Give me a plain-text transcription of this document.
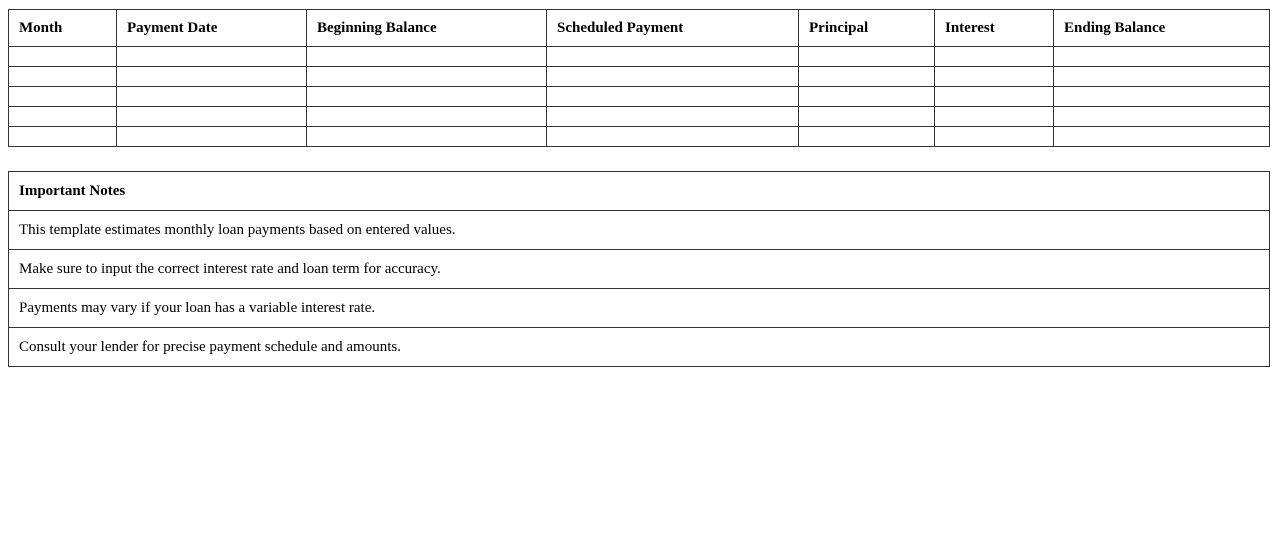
Month	Payment Date	Beginning Balance	Scheduled Payment	Principal	Interest	Ending Balance

Important Notes
This template estimates monthly loan payments based on entered values.
Make sure to input the correct interest rate and loan term for accuracy.
Payments may vary if your loan has a variable interest rate.
Consult your lender for precise payment schedule and amounts.
